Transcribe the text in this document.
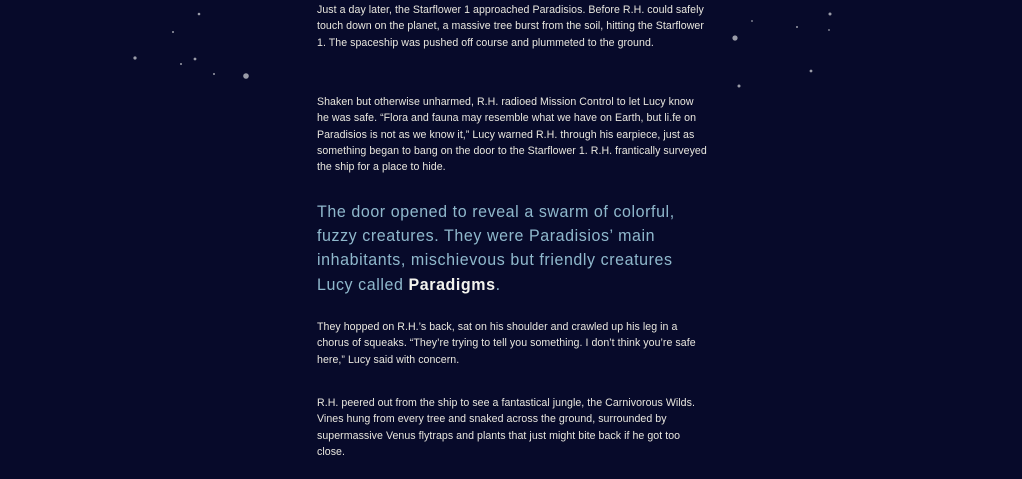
Just a day later, the Starflower 1 approached Paradisios. Before R.H. could safely touch down on the planet, a massive tree burst from the soil, hitting the Starflower 1. The spaceship was pushed off course and plummeted to the ground.

Shaken but otherwise unharmed, R.H. radioed Mission Control to let Lucy know he was safe. “Flora and fauna may resemble what we have on Earth, but li.fe on Paradisios is not as we know it,” Lucy warned R.H. through his earpiece, just as something began to bang on the door to the Starflower 1. R.H. frantically surveyed the ship for a place to hide.

The door opened to reveal a swarm of colorful, fuzzy creatures. They were Paradisios’ main inhabitants, mischievous but friendly creatures Lucy called Paradigms.

They hopped on R.H.’s back, sat on his shoulder and crawled up his leg in a chorus of squeaks. “They’re trying to tell you something. I don’t think you’re safe here,” Lucy said with concern.

R.H. peered out from the ship to see a fantastical jungle, the Carnivorous Wilds. Vines hung from every tree and snaked across the ground, surrounded by supermassive Venus flytraps and plants that just might bite back if he got too close.
